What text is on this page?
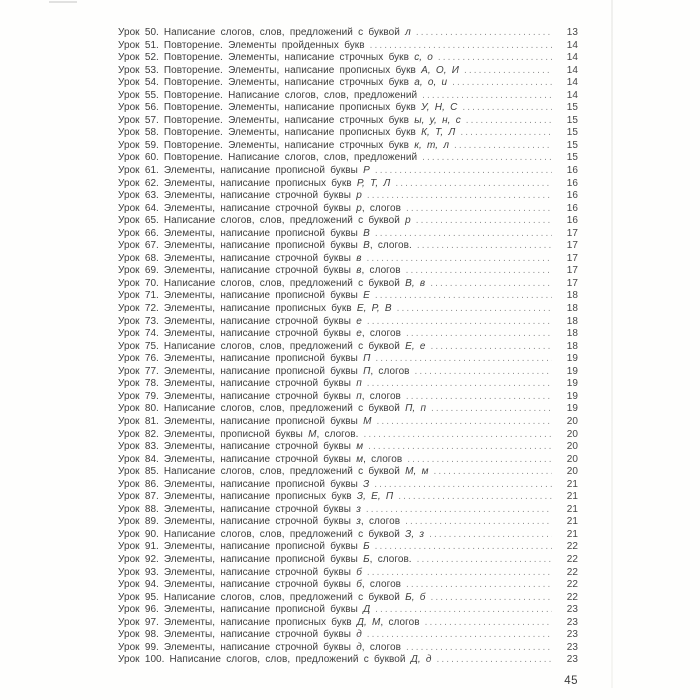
Урок 50. Написание слогов, слов, предложений с буквой л .....	13
Урок 51. Повторение. Элементы пройденных букв .....	14
Урок 52. Повторение. Элементы, написание строчных букв с, о .....	14
Урок 53. Повторение. Элементы, написание прописных букв А, О, И .....	14
Урок 54. Повторение. Элементы, написание строчных букв а, о, и .....	14
Урок 55. Повторение. Написание слогов, слов, предложений .....	14
Урок 56. Повторение. Элементы, написание прописных букв У, Н, С .....	15
Урок 57. Повторение. Элементы, написание строчных букв ы, у, н, с .....	15
Урок 58. Повторение. Элементы, написание прописных букв К, Т, Л .....	15
Урок 59. Повторение. Элементы, написание строчных букв к, т, л .....	15
Урок 60. Повторение. Написание слогов, слов, предложений .....	15
Урок 61. Элементы, написание прописной буквы Р .....	16
Урок 62. Элементы, написание прописных букв Р, Т, Л .....	16
Урок 63. Элементы, написание строчной буквы р .....	16
Урок 64. Элементы, написание строчной буквы р, слогов .....	16
Урок 65. Написание слогов, слов, предложений с буквой р .....	16
Урок 66. Элементы, написание прописной буквы В .....	17
Урок 67. Элементы, написание прописной буквы В, слогов. .....	17
Урок 68. Элементы, написание строчной буквы в .....	17
Урок 69. Элементы, написание строчной буквы в, слогов .....	17
Урок 70. Написание слогов, слов, предложений с буквой В, в .....	17
Урок 71. Элементы, написание прописной буквы Е .....	18
Урок 72. Элементы, написание прописных букв Е, Р, В .....	18
Урок 73. Элементы, написание строчной буквы е .....	18
Урок 74. Элементы, написание строчной буквы е, слогов .....	18
Урок 75. Написание слогов, слов, предложений с буквой Е, е .....	18
Урок 76. Элементы, написание прописной буквы П .....	19
Урок 77. Элементы, написание прописной буквы П, слогов .....	19
Урок 78. Элементы, написание строчной буквы п .....	19
Урок 79. Элементы, написание строчной буквы п, слогов .....	19
Урок 80. Написание слогов, слов, предложений с буквой П, п .....	19
Урок 81. Элементы, написание прописной буквы М .....	20
Урок 82. Элементы, прописной буквы М, слогов. .....	20
Урок 83. Элементы, написание строчной буквы м .....	20
Урок 84. Элементы, написание строчной буквы м, слогов .....	20
Урок 85. Написание слогов, слов, предложений с буквой М, м .....	20
Урок 86. Элементы, написание прописной буквы З .....	21
Урок 87. Элементы, написание прописных букв З, Е, П .....	21
Урок 88. Элементы, написание строчной буквы з .....	21
Урок 89. Элементы, написание строчной буквы з, слогов .....	21
Урок 90. Написание слогов, слов, предложений с буквой З, з .....	21
Урок 91. Элементы, написание прописной буквы Б .....	22
Урок 92. Элементы, написание прописной буквы Б, слогов. .....	22
Урок 93. Элементы, написание строчной буквы б .....	22
Урок 94. Элементы, написание строчной буквы б, слогов .....	22
Урок 95. Написание слогов, слов, предложений с буквой Б, б .....	22
Урок 96. Элементы, написание прописной буквы Д .....	23
Урок 97. Элементы, написание прописных букв Д, М, слогов .....	23
Урок 98. Элементы, написание строчной буквы д .....	23
Урок 99. Элементы, написание строчной буквы д, слогов .....	23
Урок 100. Написание слогов, слов, предложений с буквой Д, д .....	23
45
